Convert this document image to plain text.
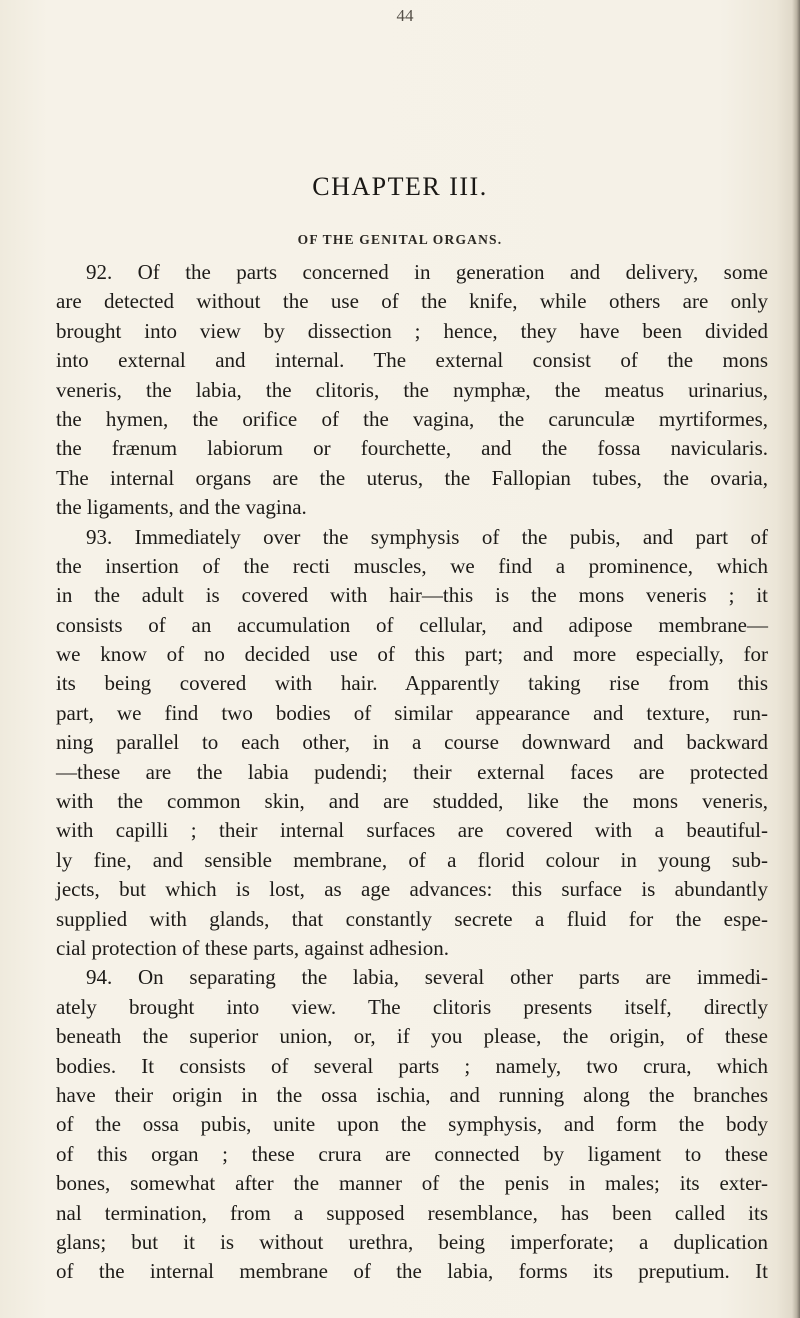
44
CHAPTER III.
OF THE GENITAL ORGANS.
92. Of the parts concerned in generation and delivery, some
are detected without the use of the knife, while others are only
brought into view by dissection ; hence, they have been divided
into external and internal. The external consist of the mons
veneris, the labia, the clitoris, the nymphæ, the meatus urinarius,
the hymen, the orifice of the vagina, the carunculæ myrtiformes,
the frænum labiorum or fourchette, and the fossa navicularis.
The internal organs are the uterus, the Fallopian tubes, the ovaria,
the ligaments, and the vagina.
93. Immediately over the symphysis of the pubis, and part of
the insertion of the recti muscles, we find a prominence, which
in the adult is covered with hair—this is the mons veneris ; it
consists of an accumulation of cellular, and adipose membrane—
we know of no decided use of this part; and more especially, for
its being covered with hair. Apparently taking rise from this
part, we find two bodies of similar appearance and texture, run-
ning parallel to each other, in a course downward and backward
—these are the labia pudendi; their external faces are protected
with the common skin, and are studded, like the mons veneris,
with capilli ; their internal surfaces are covered with a beautiful-
ly fine, and sensible membrane, of a florid colour in young sub-
jects, but which is lost, as age advances: this surface is abundantly
supplied with glands, that constantly secrete a fluid for the espe-
cial protection of these parts, against adhesion.
94. On separating the labia, several other parts are immedi-
ately brought into view. The clitoris presents itself, directly
beneath the superior union, or, if you please, the origin, of these
bodies. It consists of several parts ; namely, two crura, which
have their origin in the ossa ischia, and running along the branches
of the ossa pubis, unite upon the symphysis, and form the body
of this organ ; these crura are connected by ligament to these
bones, somewhat after the manner of the penis in males; its exter-
nal termination, from a supposed resemblance, has been called its
glans; but it is without urethra, being imperforate; a duplication
of the internal membrane of the labia, forms its preputium. It
